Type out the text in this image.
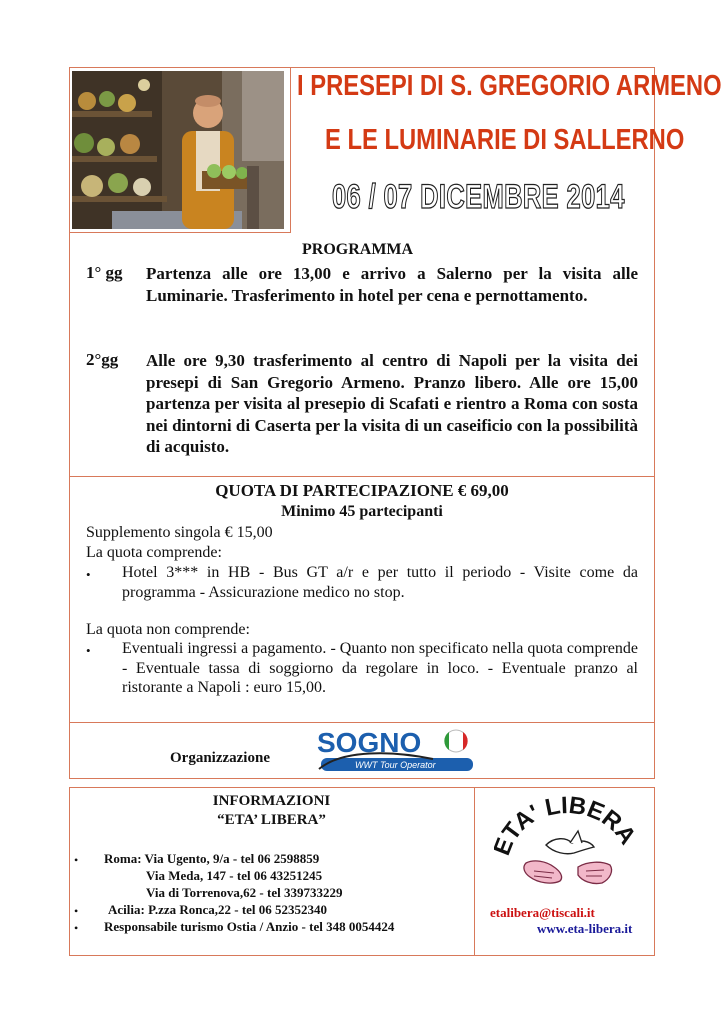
I PRESEPI DI S. GREGORIO ARMENO
E LE LUMINARIE DI SALLERNO
06 / 07 DICEMBRE 2014
PROGRAMMA
1° gg Partenza alle ore 13,00 e arrivo a Salerno per la visita alle Luminarie. Trasferimento in hotel per cena e pernottamento.
2°gg Alle ore 9,30 trasferimento al centro di Napoli per la visita dei presepi di San Gregorio Armeno. Pranzo libero. Alle ore 15,00 partenza per visita al presepio di Scafati e rientro a Roma con sosta nei dintorni di Caserta per la visita di un caseificio con la possibilità di acquisto.
QUOTA DI PARTECIPAZIONE € 69,00
Minimo 45 partecipanti
Supplemento singola € 15,00
La quota comprende:
• Hotel 3*** in HB - Bus GT a/r e per tutto il periodo - Visite come da programma - Assicurazione medico no stop.
La quota non comprende:
• Eventuali ingressi a pagamento. - Quanto non specificato nella quota comprende - Eventuale tassa di soggiorno da regolare in loco. - Eventuale pranzo al ristorante a Napoli : euro 15,00.
Organizzazione SOGNO
WWT Tour Operator
INFORMAZIONI
“ETA’ LIBERA”
• Roma: Via Ugento, 9/a - tel 06 2598859
Via Meda, 147 - tel 06 43251245
Via di Torrenova,62 - tel 339733229
• Acilia: P.zza Ronca,22 - tel 06 52352340
• Responsabile turismo Ostia / Anzio - tel 348 0054424
TA' LIBERA
etalibera@tiscali.it
www.eta-libera.it
